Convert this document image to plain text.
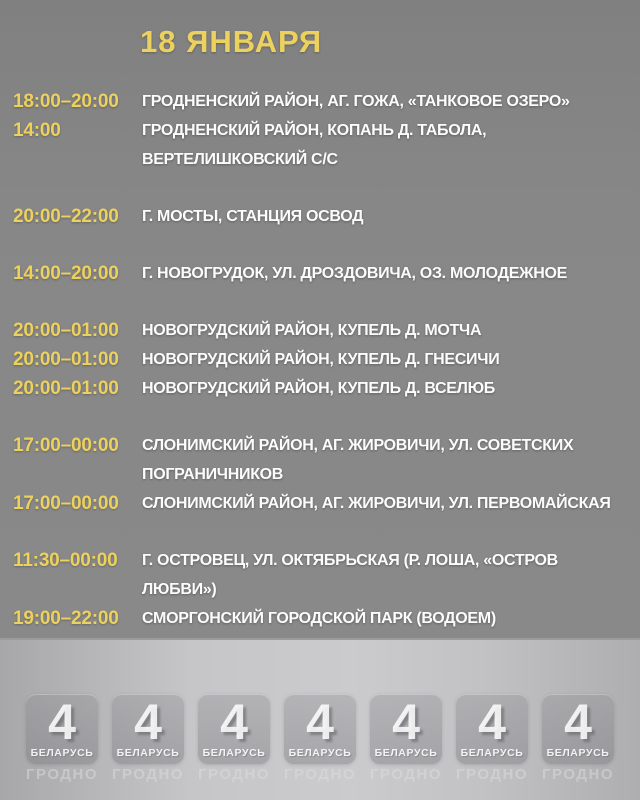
18 ЯНВАРЯ
18:00–20:00	ГРОДНЕНСКИЙ РАЙОН, АГ. ГОЖА, «ТАНКОВОЕ ОЗЕРО»
14:00	ГРОДНЕНСКИЙ РАЙОН, КОПАНЬ Д. ТАБОЛА, ВЕРТЕЛИШКОВСКИЙ С/С
20:00–22:00	Г. МОСТЫ, СТАНЦИЯ ОСВОД
14:00–20:00	Г. НОВОГРУДОК, УЛ. ДРОЗДОВИЧА, ОЗ. МОЛОДЕЖНОЕ
20:00–01:00	НОВОГРУДСКИЙ РАЙОН, КУПЕЛЬ Д. МОТЧА
20:00–01:00	НОВОГРУДСКИЙ РАЙОН, КУПЕЛЬ Д. ГНЕСИЧИ
20:00–01:00	НОВОГРУДСКИЙ РАЙОН, КУПЕЛЬ Д. ВСЕЛЮБ
17:00–00:00	СЛОНИМСКИЙ РАЙОН, АГ. ЖИРОВИЧИ, УЛ. СОВЕТСКИХ ПОГРАНИЧНИКОВ
17:00–00:00	СЛОНИМСКИЙ РАЙОН, АГ. ЖИРОВИЧИ, УЛ. ПЕРВОМАЙСКАЯ
11:30–00:00	Г. ОСТРОВЕЦ, УЛ. ОКТЯБРЬСКАЯ (Р. ЛОША, «ОСТРОВ ЛЮБВИ»)
19:00–22:00	СМОРГОНСКИЙ ГОРОДСКОЙ ПАРК (ВОДОЕМ)
4
БЕЛАРУСЬ
ГРОДНО
4
БЕЛАРУСЬ
ГРОДНО
4
БЕЛАРУСЬ
ГРОДНО
4
БЕЛАРУСЬ
ГРОДНО
4
БЕЛАРУСЬ
ГРОДНО
4
БЕЛАРУСЬ
ГРОДНО
4
БЕЛАРУСЬ
ГРОДНО
